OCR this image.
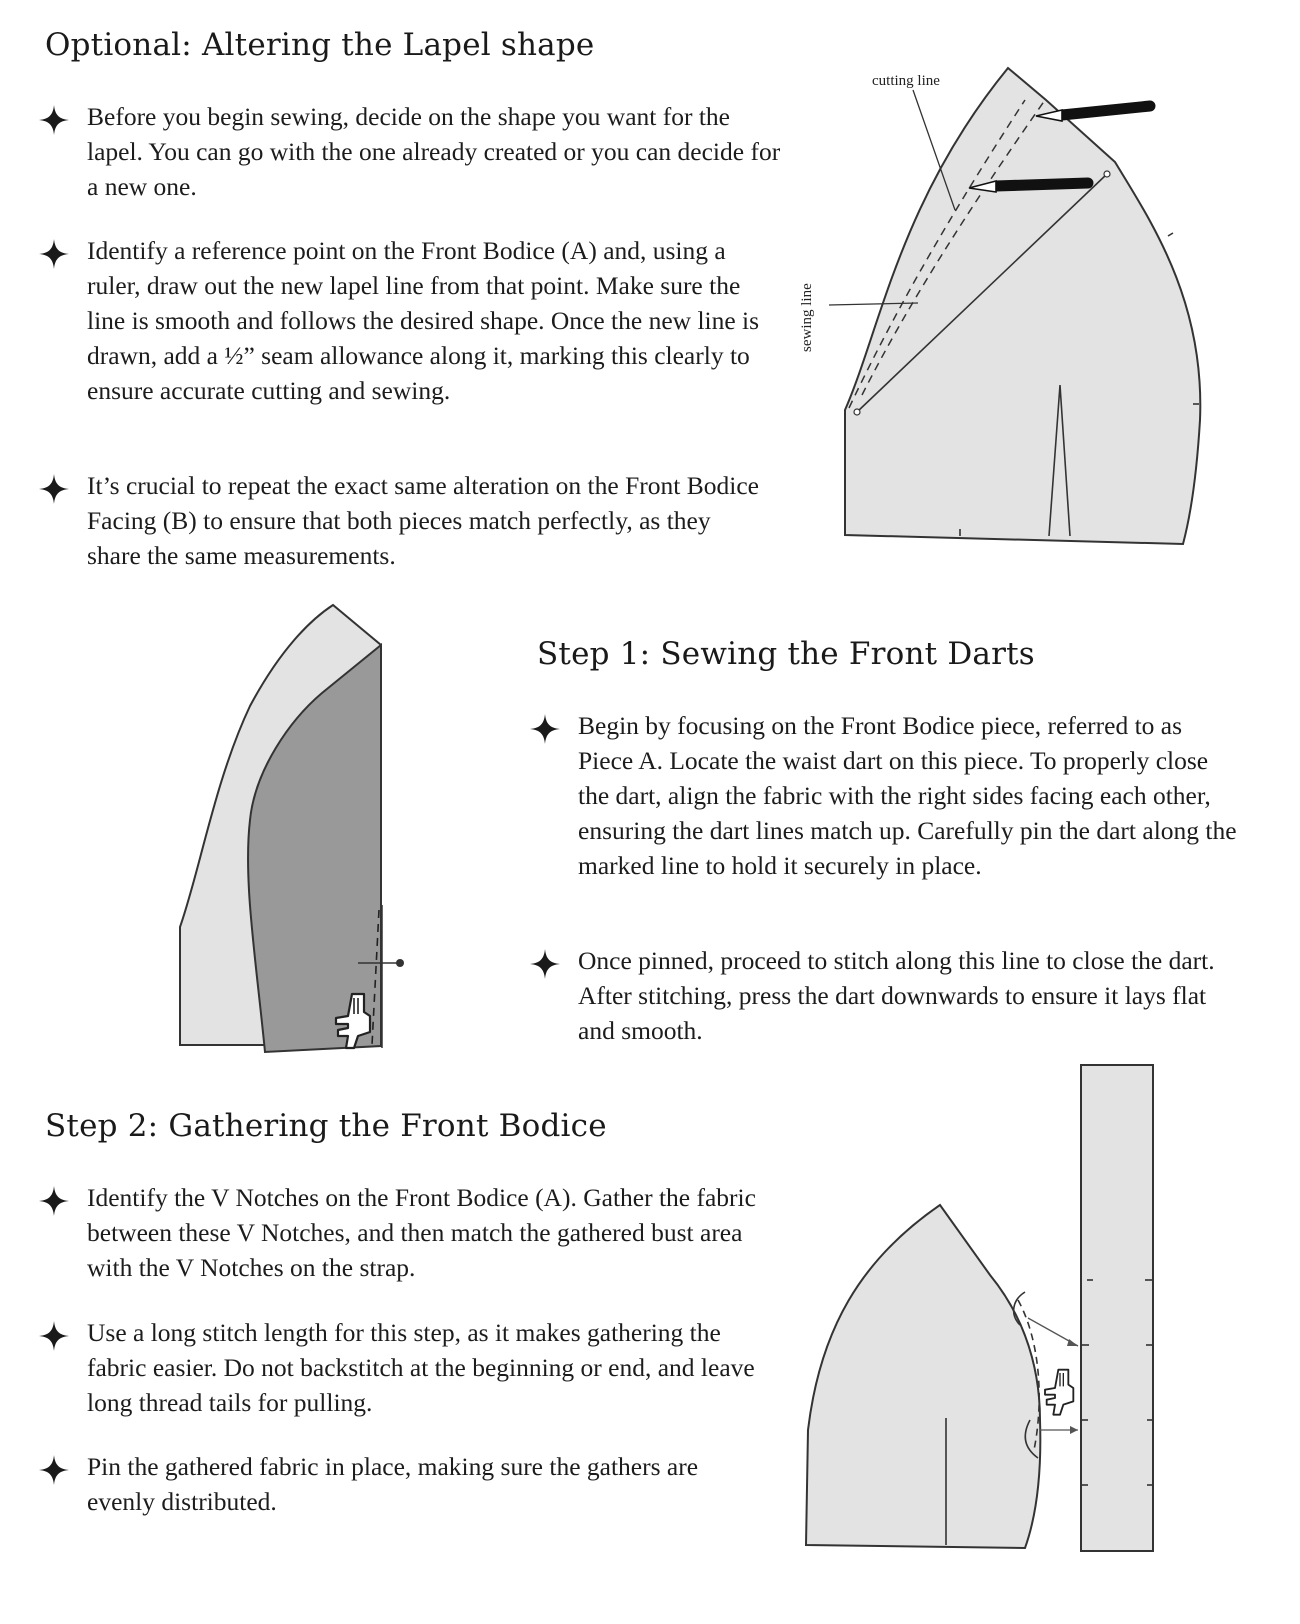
Optional: Altering the Lapel shape
Before you begin sewing, decide on the shape you want for the lapel. You can go with the one already created or you can decide for a new one.
Identify a reference point on the Front Bodice (A) and, using a ruler, draw out the new lapel line from that point. Make sure the line is smooth and follows the desired shape. Once the new line is drawn, add a ½” seam allowance along it, marking this clearly to ensure accurate cutting and sewing.
It’s crucial to repeat the exact same alteration on the Front Bodice Facing (B) to ensure that both pieces match perfectly, as they share the same measurements.
cutting line
sewing line
Step 1: Sewing the Front Darts
Begin by focusing on the Front Bodice piece, referred to as Piece A. Locate the waist dart on this piece. To properly close the dart, align the fabric with the right sides facing each other, ensuring the dart lines match up. Carefully pin the dart along the marked line to hold it securely in place.
Once pinned, proceed to stitch along this line to close the dart. After stitching, press the dart downwards to ensure it lays flat and smooth.
Step 2: Gathering the Front Bodice
Identify the V Notches on the Front Bodice (A). Gather the fabric between these V Notches, and then match the gathered bust area with the V Notches on the strap.
Use a long stitch length for this step, as it makes gathering the fabric easier. Do not backstitch at the beginning or end, and leave long thread tails for pulling.
Pin the gathered fabric in place, making sure the gathers are evenly distributed.
